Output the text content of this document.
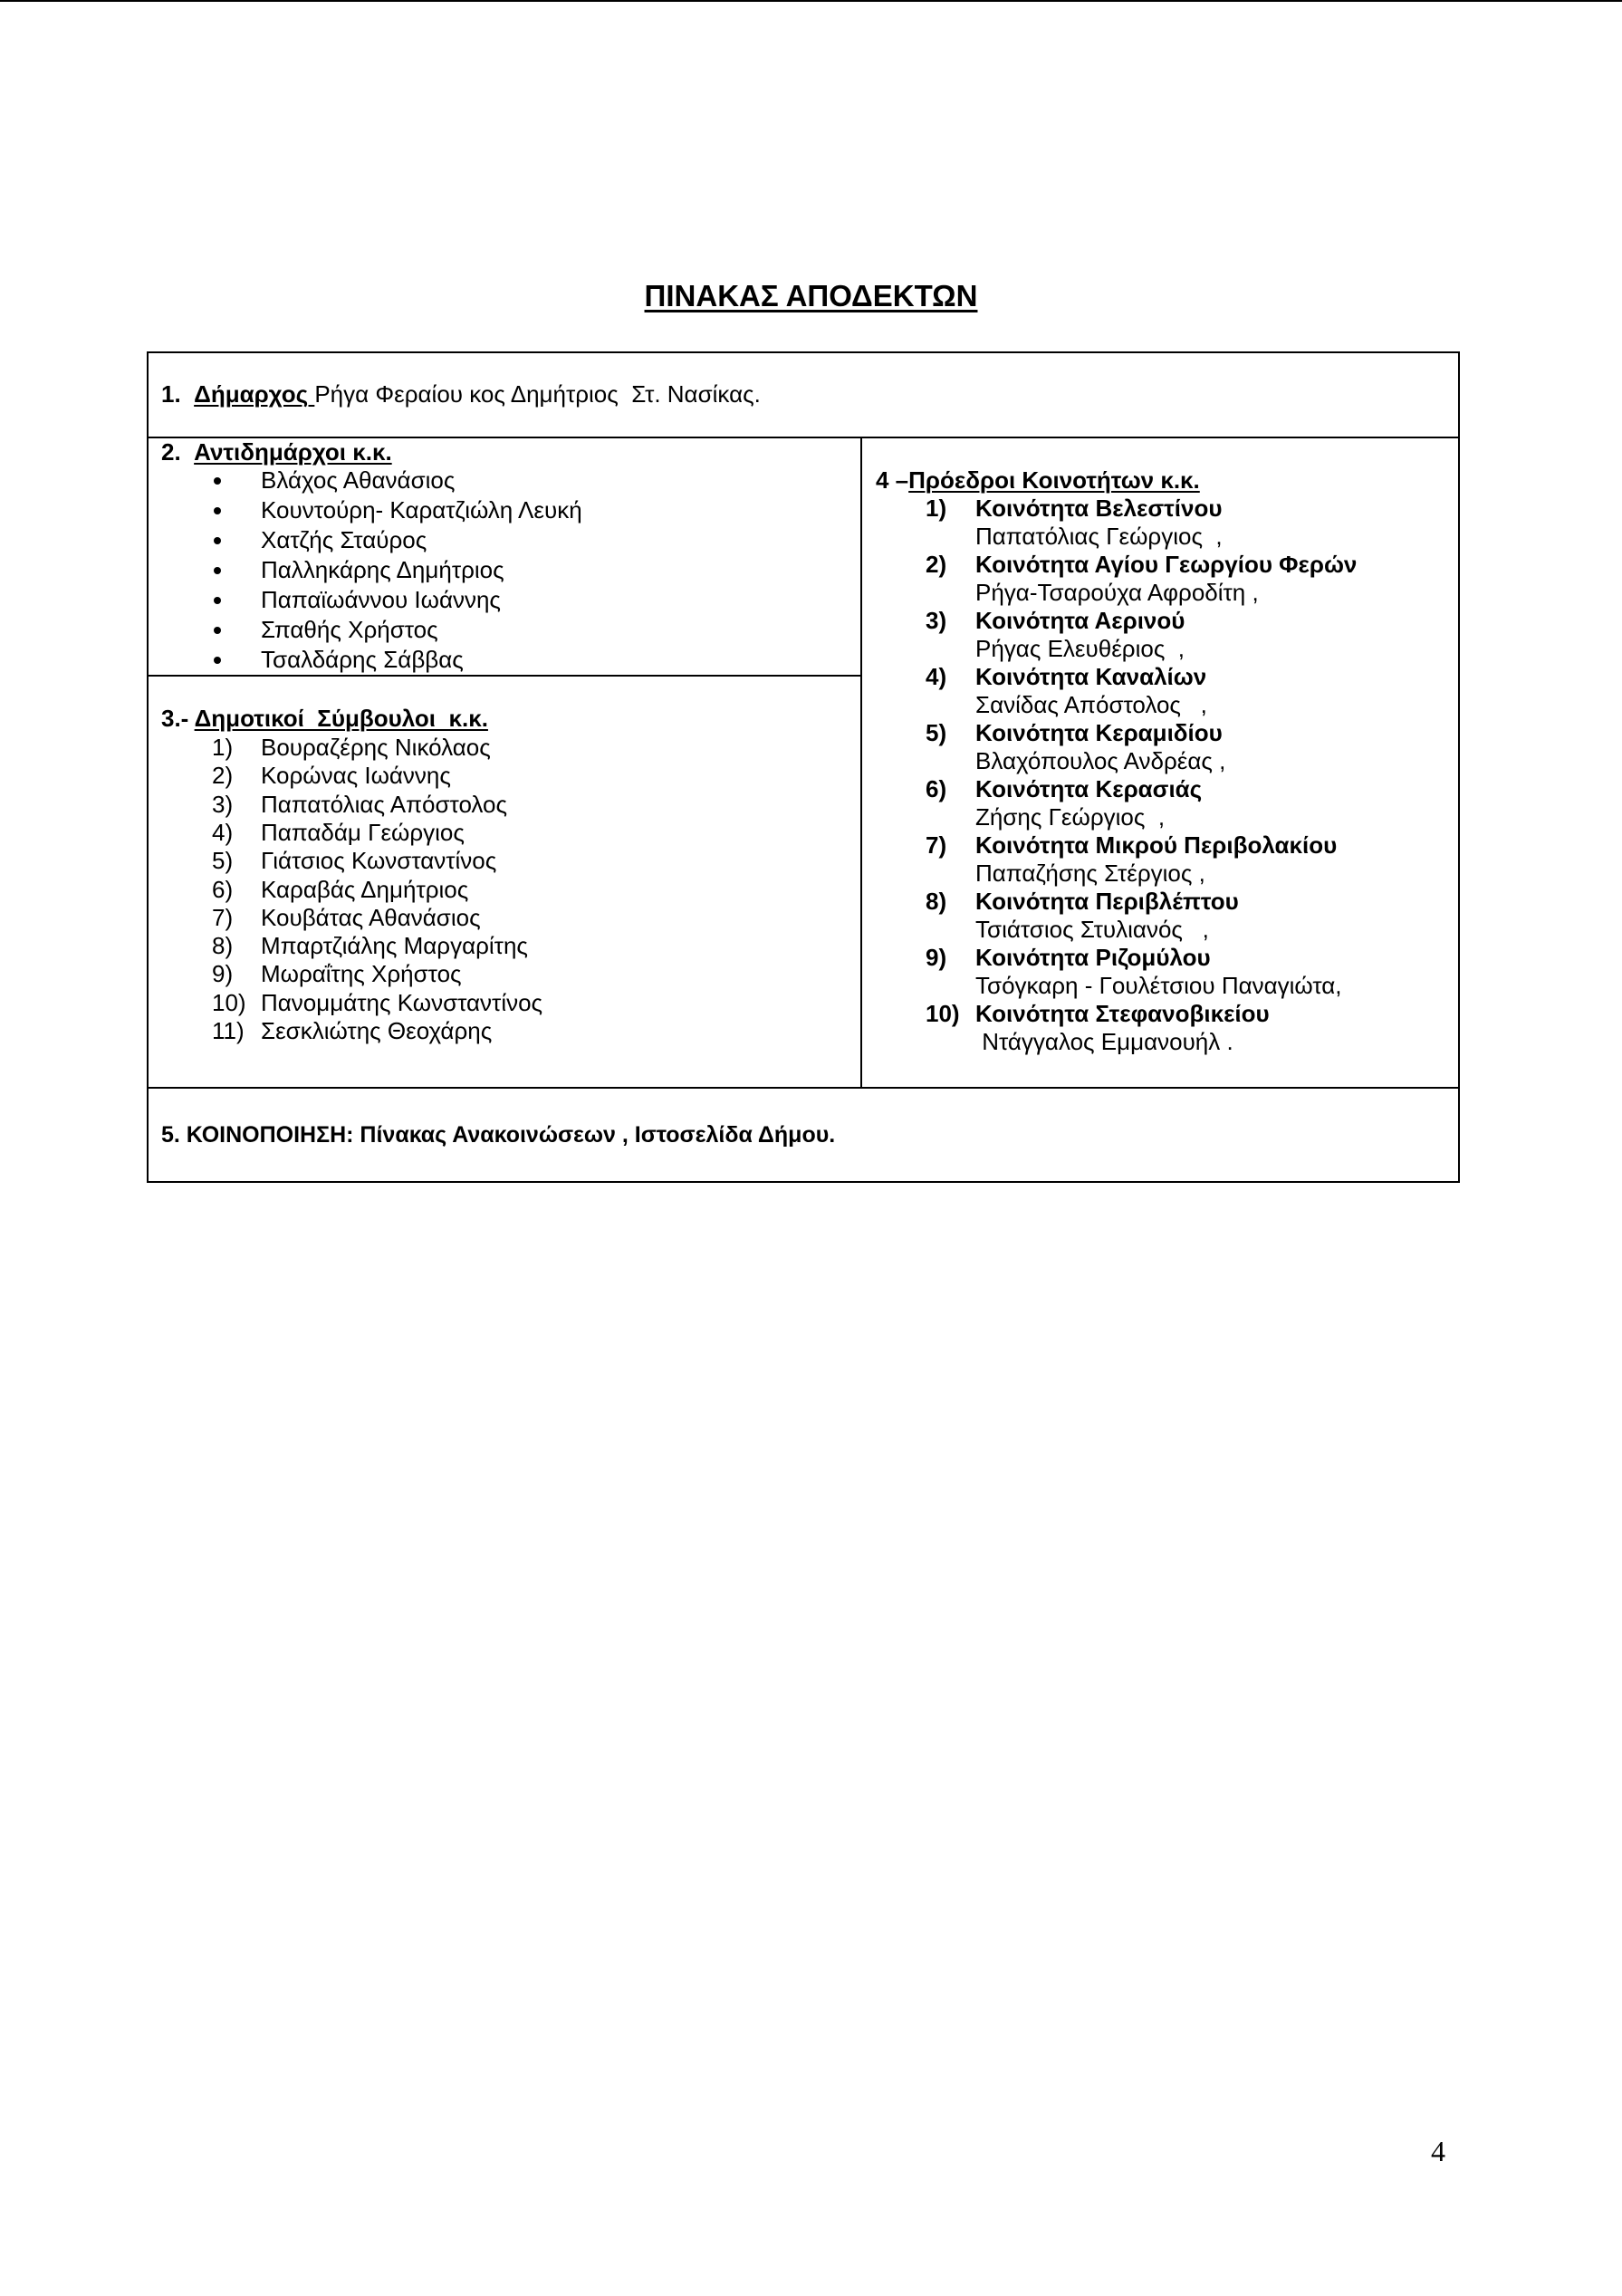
ΠΙΝΑΚΑΣ ΑΠΟΔΕΚΤΩΝ
1. Δήμαρχος Ρήγα Φεραίου κος Δημήτριος  Στ. Νασίκας.
2. Αντιδημάρχοι κ.κ.
Βλάχος Αθανάσιος
Κουντούρη- Καρατζιώλη Λευκή
Χατζής Σταύρος
Παλληκάρης Δημήτριος
Παπαϊωάννου Ιωάννης
Σπαθής Χρήστος
Τσαλδάρης Σάββας
3.- Δημοτικοί  Σύμβουλοι  κ.κ.
1) Βουραζέρης Νικόλαος
2) Κορώνας Ιωάννης
3) Παπατόλιας Απόστολος
4) Παπαδάμ Γεώργιος
5) Γιάτσιος Κωνσταντίνος
6) Καραβάς Δημήτριος
7) Κουβάτας Αθανάσιος
8) Μπαρτζιάλης Μαργαρίτης
9) Μωραΐτης Χρήστος
10) Πανομμάτης Κωνσταντίνος
11) Σεσκλιώτης Θεοχάρης
4 –Πρόεδροι Κοινοτήτων κ.κ.
1) Κοινότητα Βελεστίνου
Παπατόλιας Γεώργιος  ,
2) Κοινότητα Αγίου Γεωργίου Φερών
Ρήγα-Τσαρούχα Αφροδίτη ,
3) Κοινότητα Αερινού
Ρήγας Ελευθέριος  ,
4) Κοινότητα Καναλίων
Σανίδας Απόστολος   ,
5) Κοινότητα Κεραμιδίου
Βλαχόπουλος Ανδρέας ,
6) Κοινότητα Κερασιάς
Ζήσης Γεώργιος  ,
7) Κοινότητα Μικρού Περιβολακίου
Παπαζήσης Στέργιος ,
8) Κοινότητα Περιβλέπτου
Τσιάτσιος Στυλιανός   ,
9) Κοινότητα Ριζομύλου
Τσόγκαρη - Γουλέτσιου Παναγιώτα,
10) Κοινότητα Στεφανοβικείου
Ντάγγαλος Εμμανουήλ .
5. ΚΟΙΝΟΠΟΙΗΣΗ: Πίνακας Ανακοινώσεων , Ιστοσελίδα Δήμου.
4
